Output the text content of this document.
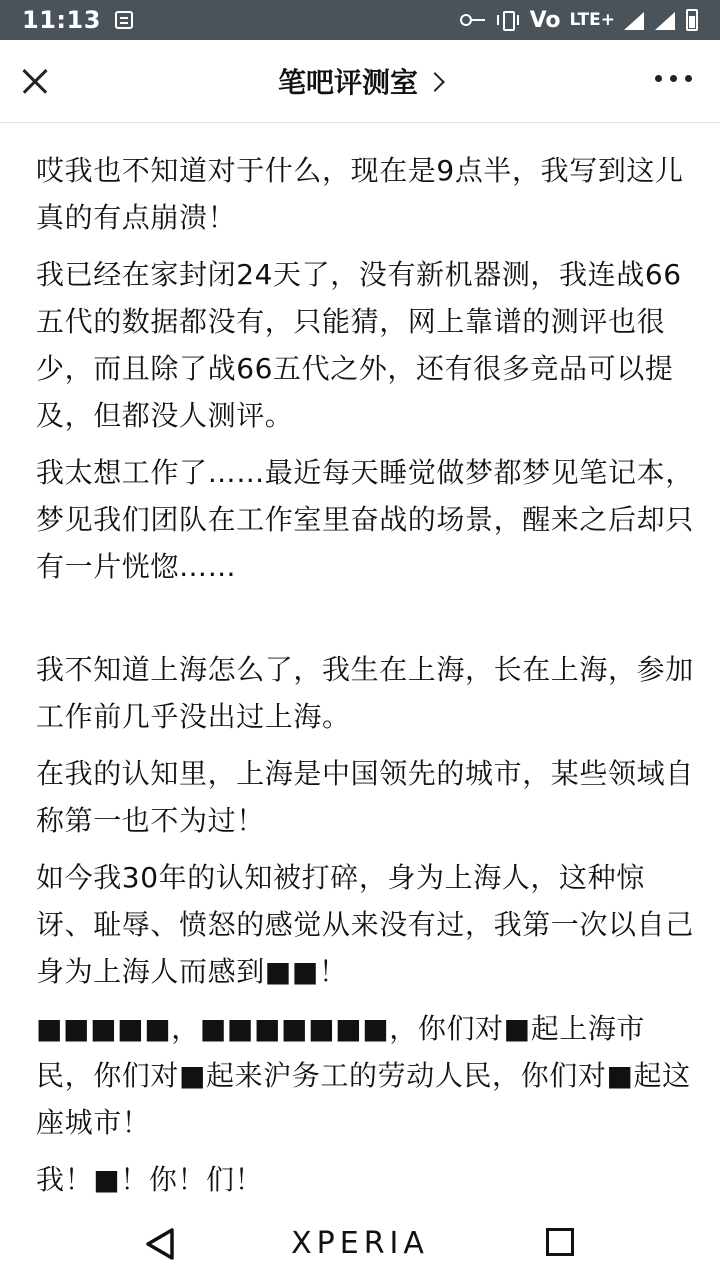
11:13	Vo LTE+
笔吧评测室

哎我也不知道对于什么，现在是9点半，我写到这儿真的有点崩溃！

我已经在家封闭24天了，没有新机器测，我连战66五代的数据都没有，只能猜，网上靠谱的测评也很少，而且除了战66五代之外，还有很多竞品可以提及，但都没人测评。

我太想工作了……最近每天睡觉做梦都梦见笔记本，梦见我们团队在工作室里奋战的场景，醒来之后却只有一片恍惚……

我不知道上海怎么了，我生在上海，长在上海，参加工作前几乎没出过上海。

在我的认知里，上海是中国领先的城市，某些领域自称第一也不为过！

如今我30年的认知被打碎，身为上海人，这种惊讶、耻辱、愤怒的感觉从来没有过，我第一次以自己身为上海人而感到■■！

■■■■■，■■■■■■■，你们对■起上海市民，你们对■起来沪务工的劳动人民，你们对■起这座城市！

我！■！你！们！

XPERIA
